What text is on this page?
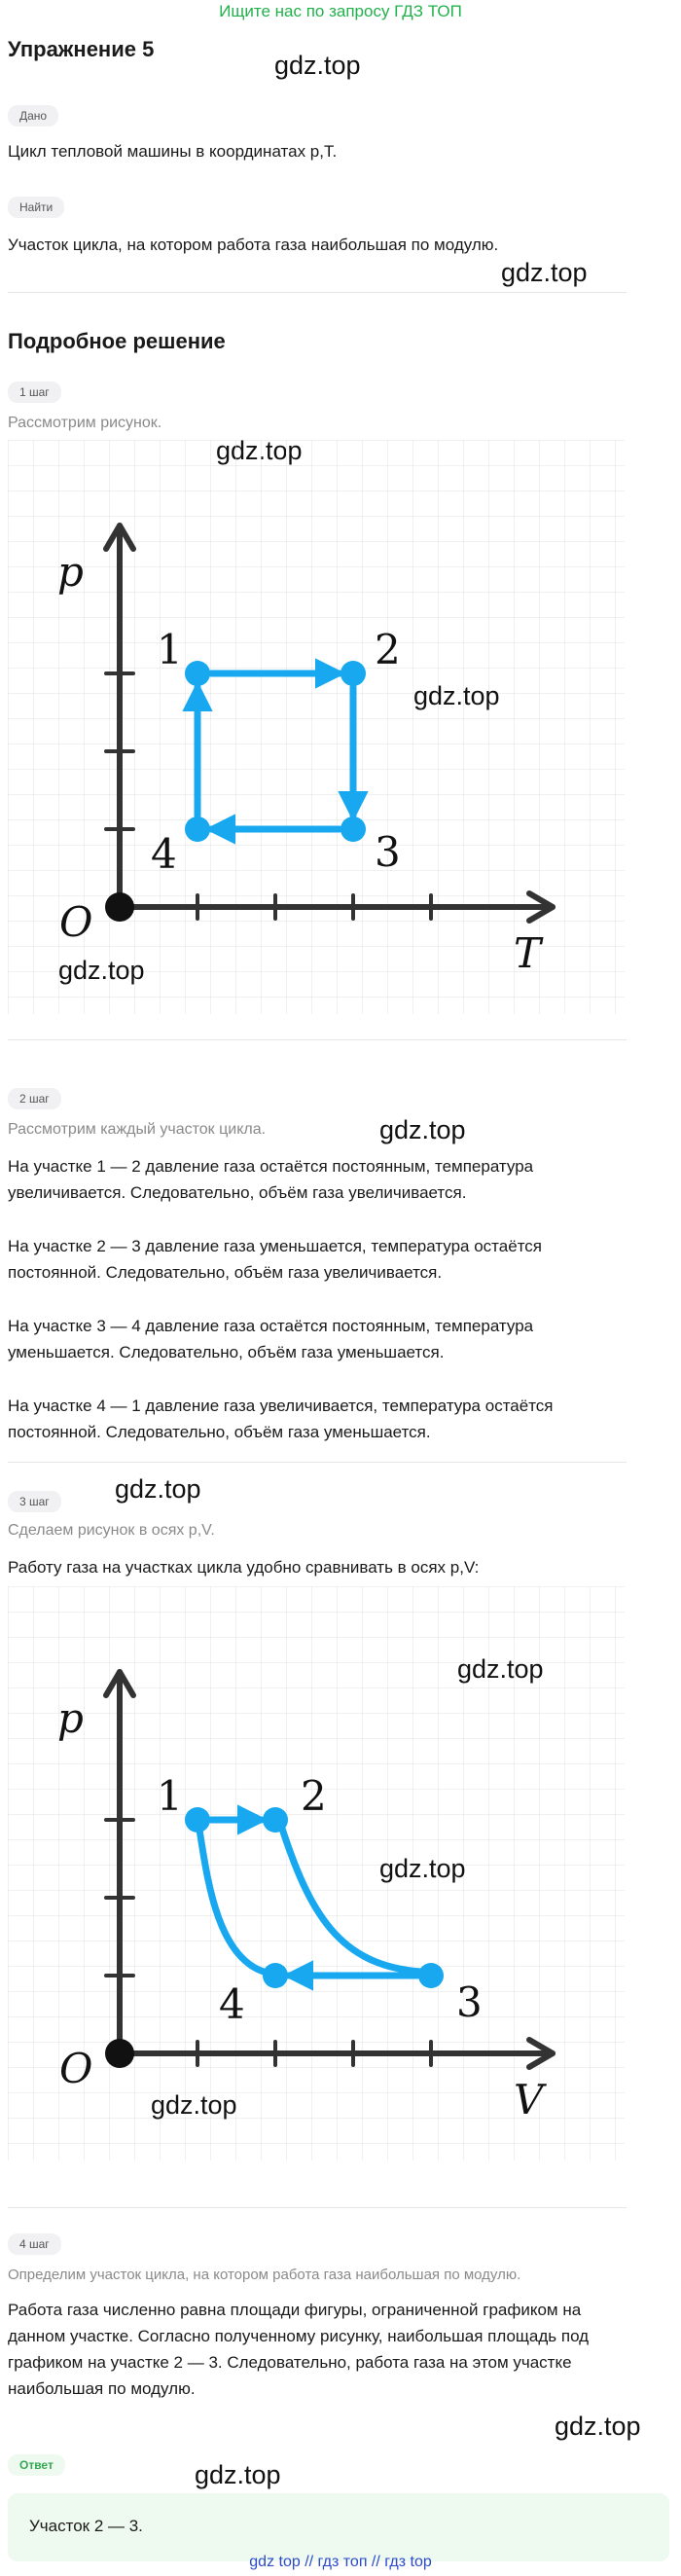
Ищите нас по запросу ГДЗ ТОП
Упражнение 5
gdz.top
Дано
Цикл тепловой машины в координатах p,T.
Найти
Участок цикла, на котором работа газа наибольшая по модулю.
gdz.top
Подробное решение
1 шаг
Рассмотрим рисунок.
O
p
T
1	2
3
4
gdz.top
gdz.top
2 шаг
Рассмотрим каждый участок цикла.	gdz.top
На участке 1 — 2 давление газа остаётся постоянным, температура
увеличивается. Следовательно, объём газа увеличивается.
На участке 2 — 3 давление газа уменьшается, температура остаётся
постоянной. Следовательно, объём газа увеличивается.
На участке 3 — 4 давление газа остаётся постоянным, температура
уменьшается. Следовательно, объём газа уменьшается.
На участке 4 — 1 давление газа увеличивается, температура остаётся
постоянной. Следовательно, объём газа уменьшается.
3 шаг	gdz.top
Сделаем рисунок в осях p,V.
Работу газа на участках цикла удобно сравнивать в осях p,V:
O
p
V
1	2
3
4
gdz.top
gdz.top
gdz.top
4 шаг
Определим участок цикла, на котором работа газа наибольшая по модулю.
Работа газа численно равна площади фигуры, ограниченной графиком на
данном участке. Согласно полученному рисунку, наибольшая площадь под
графиком на участке 2 — 3. Следовательно, работа газа на этом участке
наибольшая по модулю.
gdz.top
Ответ	gdz.top
Участок 2 — 3.
gdz top // гдз топ // гдз top
